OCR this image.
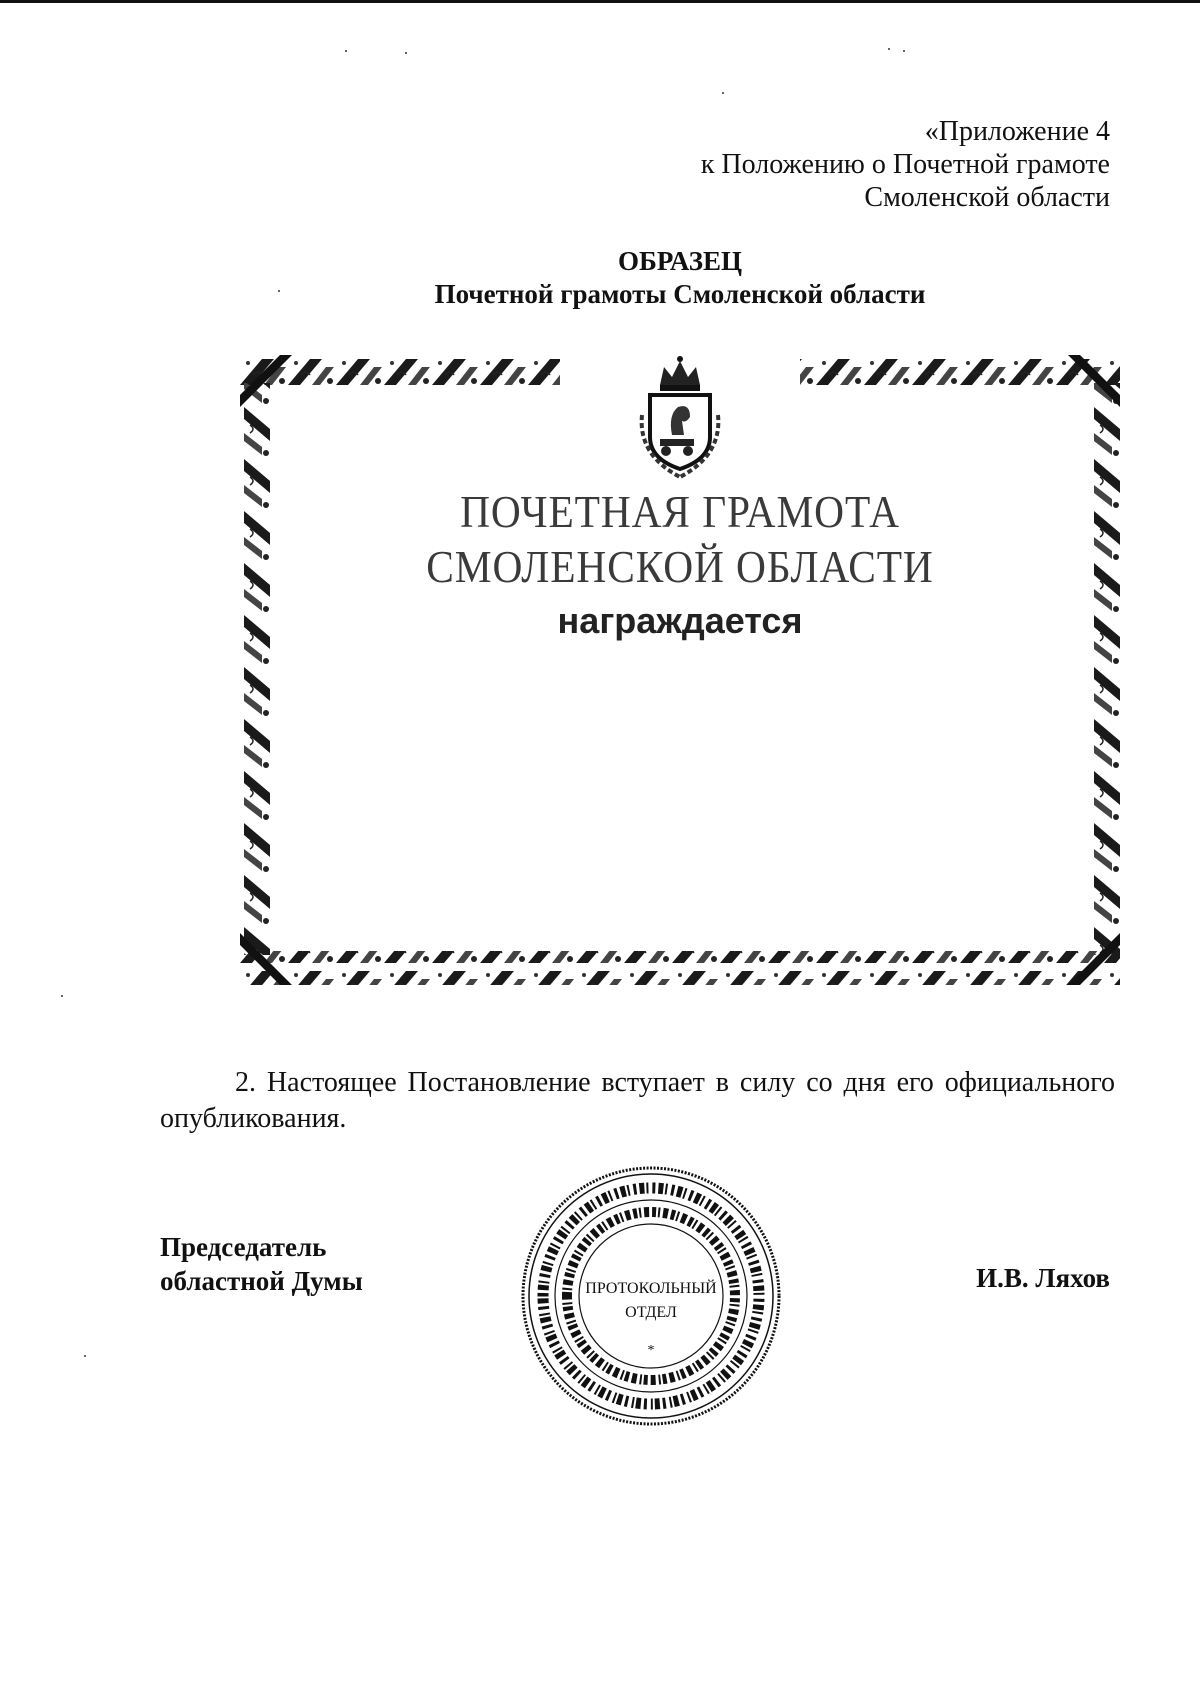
«Приложение 4
к Положению о Почетной грамоте
Смоленской области
ОБРАЗЕЦ
Почетной грамоты Смоленской области
ПОЧЕТНАЯ ГРАМОТА
СМОЛЕНСКОЙ ОБЛАСТИ
награждается
2. Настоящее Постановление вступает в силу со дня его официального опубликования.
Председатель
областной Думы	И.В. Ляхов
*
ПРОТОКОЛЬНЫЙ
ОТДЕЛ
